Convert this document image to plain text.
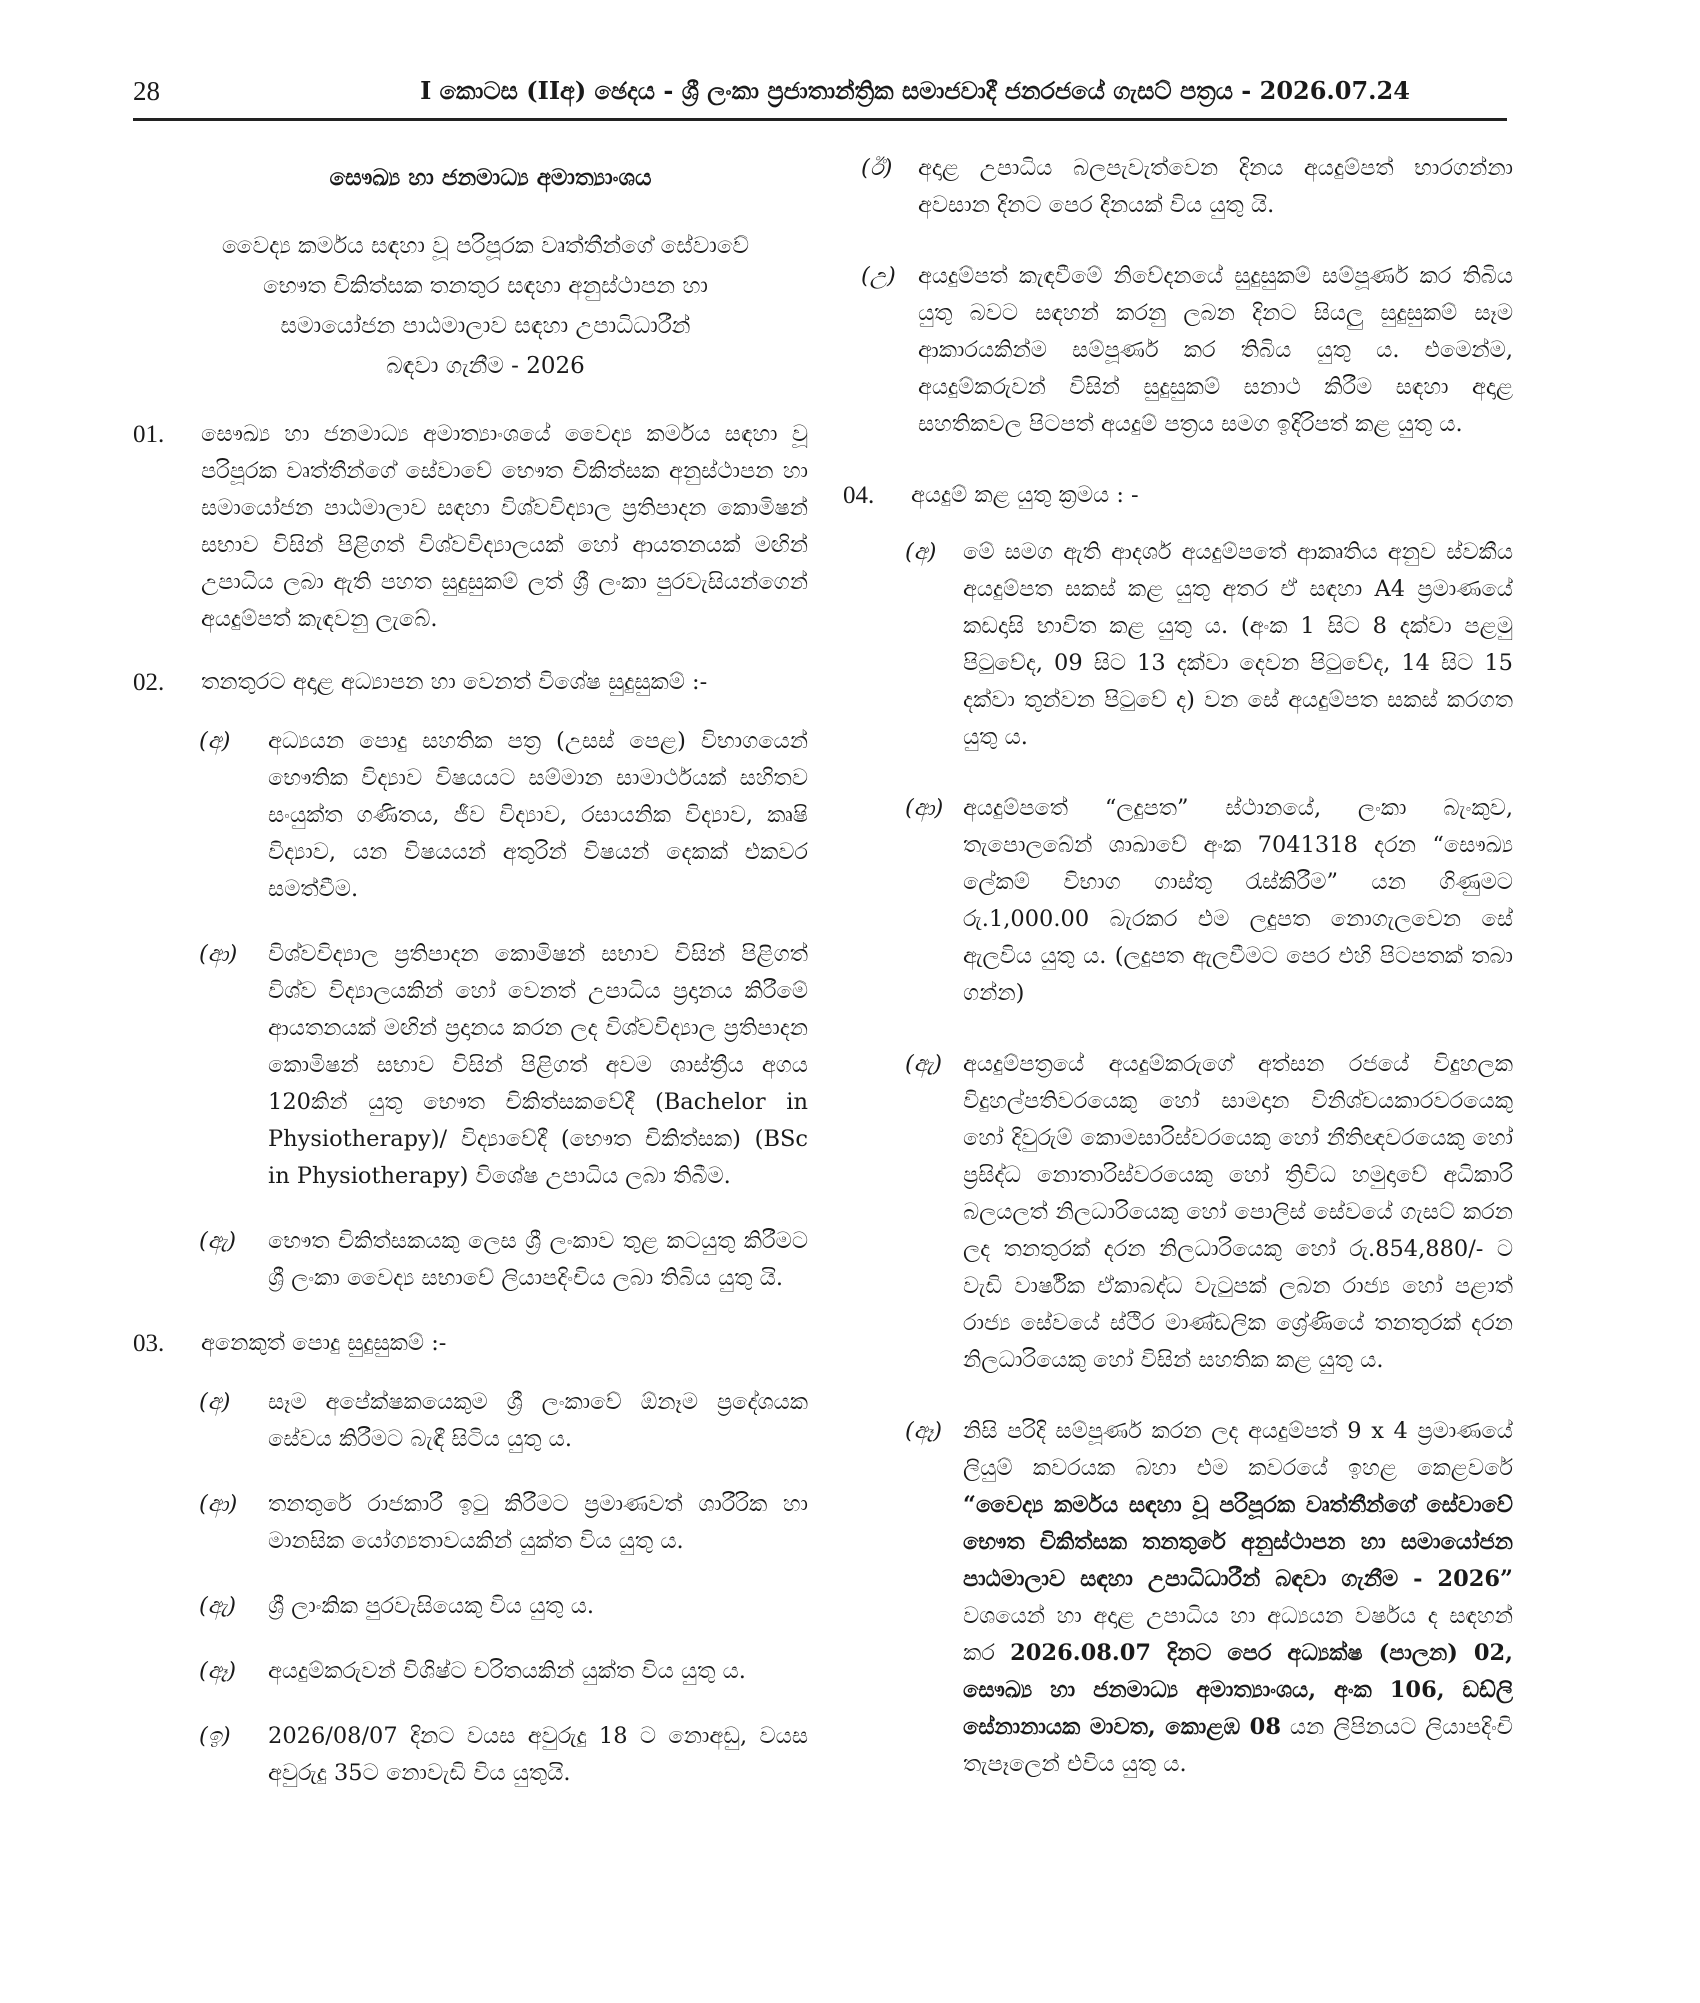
28	I කොටස (IIඅ) ඡෙදය - ශ්‍රී ලංකා ප්‍රජාතාන්ත්‍රික සමාජවාදී ජනරජයේ ගැසට් පත්‍රය - 2026.07.24
සෞඛ්‍ය හා ජනමාධ්‍ය අමාත්‍යාංශය
වෛද්‍ය කර්මය සඳහා වූ පරිපූරක වෘත්තීන්ගේ සේවාවේ
භෞත චිකිත්සක තනතුර සඳහා අනුස්ථාපන හා
සමායෝජන පාඨමාලාව සඳහා උපාධිධාරීන්
බඳවා ගැනීම - 2026
01.	සෞඛ්‍ය හා ජනමාධ්‍ය අමාත්‍යාංශයේ වෛද්‍ය කර්මය සඳහා වූ පරිපූරක වෘත්තීන්ගේ සේවාවේ භෞත චිකිත්සක අනුස්ථාපන හා සමායෝජන පාඨමාලාව සඳහා විශ්වවිද්‍යාල ප්‍රතිපාදන කොමිෂන් සභාව විසින් පිළිගත් විශ්වවිද්‍යාලයක් හෝ ආයතනයක් මඟින් උපාධිය ලබා ඇති පහත සුදුසුකම් ලත් ශ්‍රී ලංකා පුරවැසියන්ගෙන් අයදුම්පත් කැඳවනු ලැබේ.
02.	තනතුරට අදාළ අධ්‍යාපන හා වෙනත් විශේෂ සුදුසුකම් :-
(අ) අධ්‍යයන පොදු සහතික පත්‍ර (උසස් පෙළ) විභාගයෙන් භෞතික විද්‍යාව විෂයයට සම්මාන සාමාර්ථයක් සහිතව සංයුක්ත ගණිතය, ජීව විද්‍යාව, රසායනික විද්‍යාව, කෘෂි විද්‍යාව, යන විෂයයන් අතුරින් විෂයන් දෙකක් එකවර සමත්වීම.
(ආ) විශ්වවිද්‍යාල ප්‍රතිපාදන කොමිෂන් සභාව විසින් පිළිගත් විශ්ව විද්‍යාලයකින් හෝ වෙනත් උපාධිය ප්‍රදානය කිරීමේ ආයතනයක් මඟින් ප්‍රදානය කරන ලද විශ්වවිද්‍යාල ප්‍රතිපාදන කොමිෂන් සභාව විසින් පිළිගත් අවම ශාස්ත්‍රීය අගය 120කින් යුතු භෞත චිකිත්සකවේදී (Bachelor in Physiotherapy)/ විද්‍යාවේදී (භෞත චිකිත්සක) (BSc in Physiotherapy) විශේෂ උපාධිය ලබා තිබීම.
(ඇ) භෞත චිකිත්සකයකු ලෙස ශ්‍රී ලංකාව තුළ කටයුතු කිරීමට ශ්‍රී ලංකා වෛද්‍ය සභාවේ ලියාපදිංචිය ලබා තිබිය යුතු යි.
03.	අනෙකුත් පොදු සුදුසුකම් :-
(අ) සෑම අපේක්ෂකයෙකුම ශ්‍රී ලංකාවේ ඕනෑම ප්‍රදේශයක සේවය කිරීමට බැඳී සිටිය යුතු ය.
(ආ) තනතුරේ රාජකාරී ඉටු කිරීමට ප්‍රමාණවත් ශාරීරික හා මානසික යෝග්‍යතාවයකින් යුක්ත විය යුතු ය.
(ඇ) ශ්‍රී ලාංකික පුරවැසියෙකු විය යුතු ය.
(ඈ) අයදුම්කරුවන් විශිෂ්ට චරිතයකින් යුක්ත විය යුතු ය.
(ඉ) 2026/08/07 දිනට වයස අවුරුදු 18 ට නොඅඩු, වයස අවුරුදු 35ට නොවැඩි විය යුතුයි.
(ඊ) අදාළ උපාධිය බලපැවැත්වෙන දිනය අයදුම්පත් භාරගන්නා අවසාන දිනට පෙර දිනයක් විය යුතු යි.
(උ) අයදුම්පත් කැඳවීමේ නිවේදනයේ සුදුසුකම් සම්පූර්ණ කර තිබිය යුතු බවට සඳහන් කරනු ලබන දිනට සියලු සුදුසුකම් සෑම ආකාරයකින්ම සම්පූර්ණ කර තිබිය යුතු ය. එමෙන්ම, අයදුම්කරුවන් විසින් සුදුසුකම් සනාථ කිරීම සඳහා අදාළ සහතිකවල පිටපත් අයදුම් පත්‍රය සමග ඉදිරිපත් කළ යුතු ය.
04.	අයදුම් කළ යුතු ක්‍රමය : -
(අ) මේ සමග ඇති ආදර්ශ අයදුම්පතේ ආකෘතිය අනුව ස්වකීය අයදුම්පත සකස් කළ යුතු අතර ඒ සඳහා A4 ප්‍රමාණයේ කඩදාසි භාවිත කළ යුතු ය. (අංක 1 සිට 8 දක්වා පළමු පිටුවේද, 09 සිට 13 දක්වා දෙවන පිටුවේද, 14 සිට 15 දක්වා තුන්වන පිටුවේ ද) වන සේ අයදුම්පත සකස් කරගත යුතු ය.
(ආ) අයදුම්පතේ “ලදුපත” ස්ථානයේ, ලංකා බැංකුව, තැපොලබේන් ශාඛාවේ අංක 7041318 දරන “සෞඛ්‍ය ලේකම් විභාග ගාස්තු රැස්කිරීම” යන ගිණුමට රු.1,000.00 බැරකර එම ලදුපත නොගැලවෙන සේ ඇලවිය යුතු ය. (ලදුපත ඇලවීමට පෙර එහි පිටපතක් තබා ගන්න)
(ඇ) අයදුම්පත්‍රයේ අයදුම්කරුගේ අත්සන රජයේ විදුහලක විදුහල්පතිවරයෙකු හෝ සාමදාන විනිශ්චයකාරවරයෙකු හෝ දිවුරුම් කොමසාරිස්වරයෙකු හෝ නීතිඥවරයෙකු හෝ ප්‍රසිද්ධ නොතාරිස්වරයෙකු හෝ ත්‍රිවිධ හමුදාවේ අධිකාරි බලයලත් නිලධාරියෙකු හෝ පොලිස් සේවයේ ගැසට් කරන ලද තනතුරක් දරන නිලධාරියෙකු හෝ රු.854,880/- ට වැඩි වාර්ෂික ඒකාබද්ධ වැටුපක් ලබන රාජ්‍ය හෝ පළාත් රාජ්‍ය සේවයේ ස්ථිර මාණ්ඩලික ශ්‍රේණියේ තනතුරක් දරන නිලධාරියෙකු හෝ විසින් සහතික කළ යුතු ය.
(ඈ) නිසි පරිදි සම්පූර්ණ කරන ලද අයදුම්පත් 9 x 4 ප්‍රමාණයේ ලියුම් කවරයක බහා එම කවරයේ ඉහළ කෙළවරේ “වෛද්‍ය කර්මය සඳහා වූ පරිපූරක වෘත්තීන්ගේ සේවාවේ භෞත චිකිත්සක තනතුරේ අනුස්ථාපන හා සමායෝජන පාඨමාලාව සඳහා උපාධිධාරීන් බඳවා ගැනීම - 2026” වශයෙන් හා අදාළ උපාධිය හා අධ්‍යයන වර්ෂය ද සඳහන් කර 2026.08.07 දිනට පෙර අධ්‍යක්ෂ (පාලන) 02, සෞඛ්‍ය හා ජනමාධ්‍ය අමාත්‍යාංශය, අංක 106, ඩඩ්ලි සේනානායක මාවත, කොළඹ 08 යන ලිපිනයට ලියාපදිංචි තැපෑලෙන් එවිය යුතු ය.
